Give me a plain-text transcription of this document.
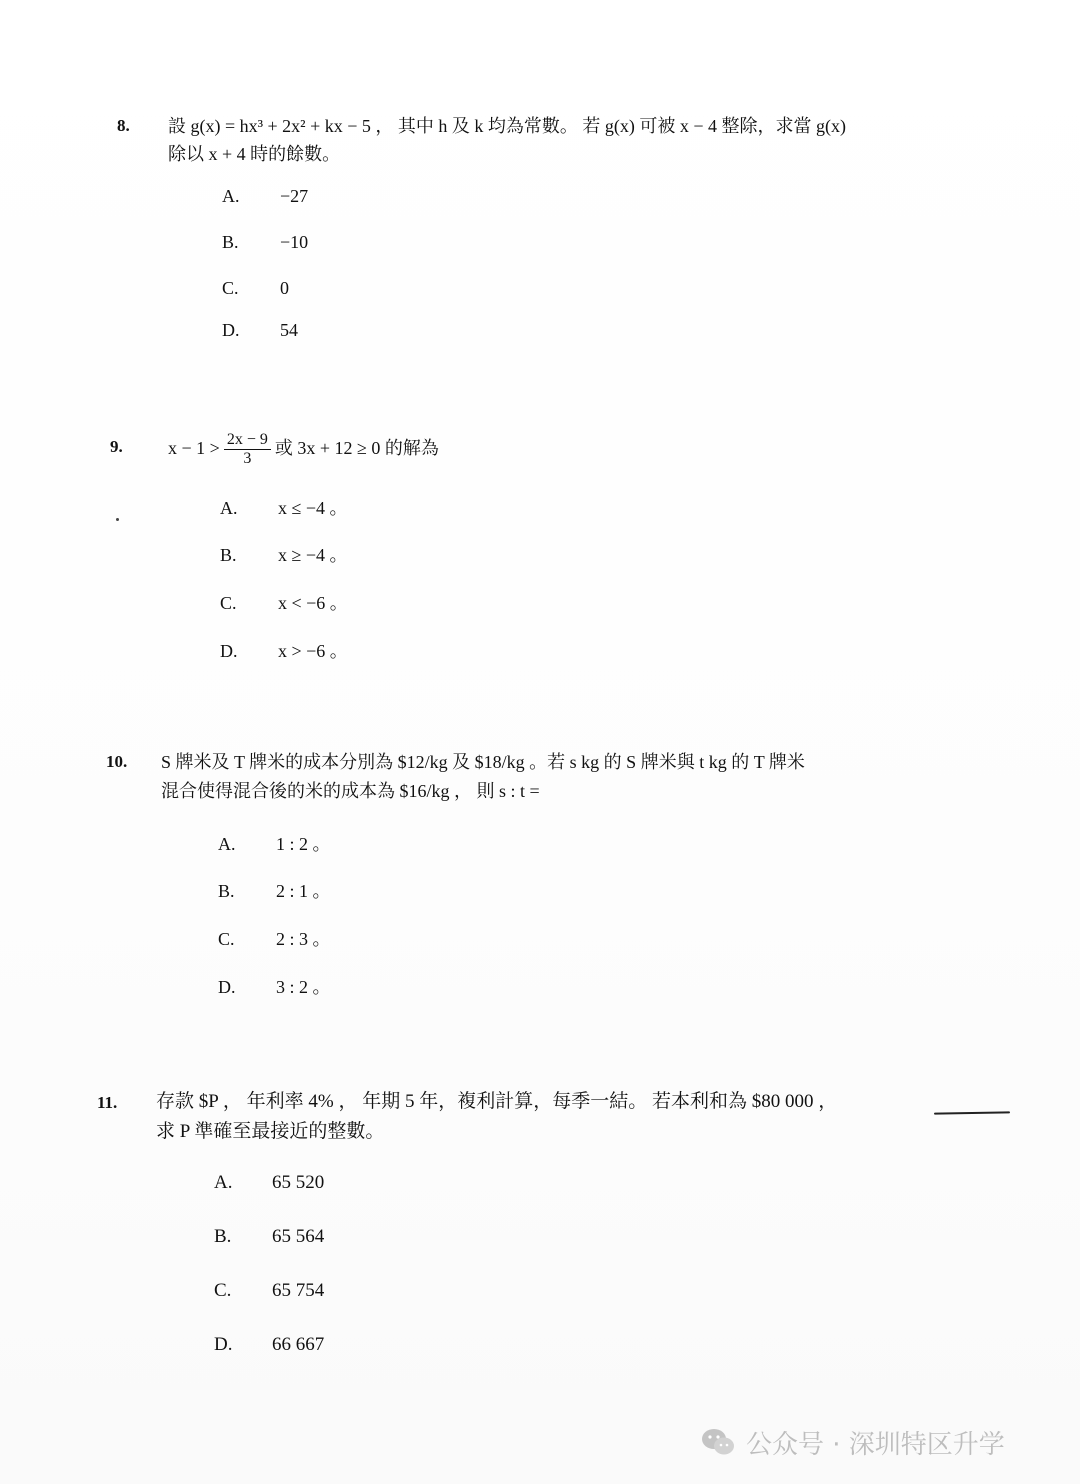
8. 設 g(x) = hx³ + 2x² + kx − 5 ， 其中 h 及 k 均為常數。 若 g(x) 可被 x − 4 整除，求當 g(x)
除以 x + 4 時的餘數。
A. −27
B. −10
C. 0
D. 54
9.	$x - 1 > \frac{2x - 9}{3}$ 或 3x + 12 ≥ 0 的解為
A. x ≤ −4 。
B. x ≥ −4 。
C. x < −6 。
D. x > −6 。
10. S 牌米及 T 牌米的成本分別為 $12/kg 及 $18/kg 。若 s kg 的 S 牌米與 t kg 的 T 牌米
混合使得混合後的米的成本為 $16/kg ， 則 s : t =
A. 1 : 2 。
B. 2 : 1 。
C. 2 : 3 。
D. 3 : 2 。
11. 存款 $P ， 年利率 4% ， 年期 5 年，複利計算，每季一結。 若本利和為 $80 000 ，
求 P 準確至最接近的整數。
A. 65 520
B. 65 564
C. 65 754
D. 66 667
公众号 · 深圳特区升学
